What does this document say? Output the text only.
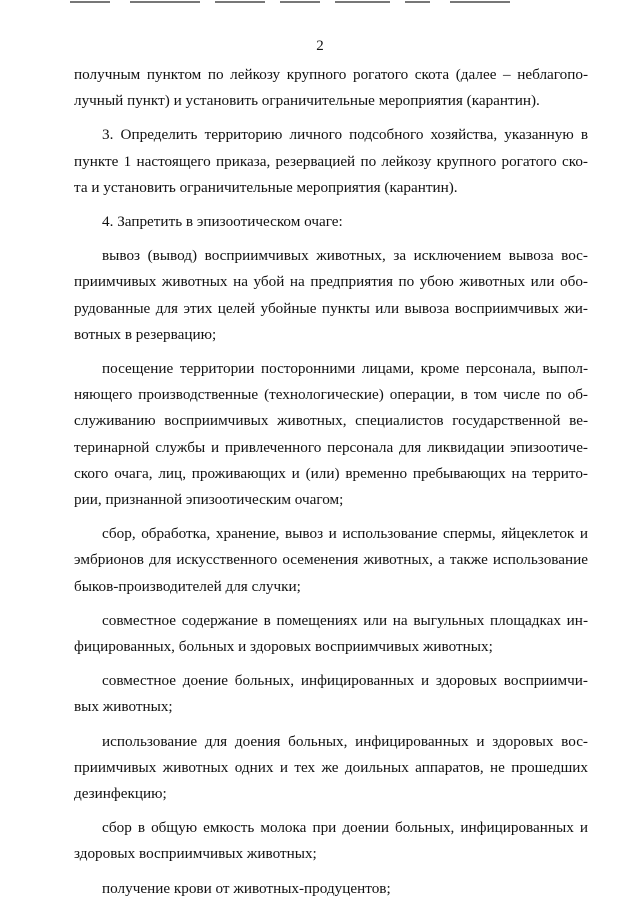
2

получным пунктом по лейкозу крупного рогатого скота (далее – неблагопо-лучный пункт) и установить ограничительные мероприятия (карантин).

3. Определить территорию личного подсобного хозяйства, указанную в пункте 1 настоящего приказа, резервацией по лейкозу крупного рогатого ско-та и установить ограничительные мероприятия (карантин).

4. Запретить в эпизоотическом очаге:

вывоз (вывод) восприимчивых животных, за исключением вывоза вос-приимчивых животных на убой на предприятия по убою животных или обо-рудованные для этих целей убойные пункты или вывоза восприимчивых жи-вотных в резервацию;

посещение территории посторонними лицами, кроме персонала, выпол-няющего производственные (технологические) операции, в том числе по об-служиванию восприимчивых животных, специалистов государственной ве-теринарной службы и привлеченного персонала для ликвидации эпизоотиче-ского очага, лиц, проживающих и (или) временно пребывающих на террито-рии, признанной эпизоотическим очагом;

сбор, обработка, хранение, вывоз и использование спермы, яйцеклеток и эмбрионов для искусственного осеменения животных, а также использование быков-производителей для случки;

совместное содержание в помещениях или на выгульных площадках ин-фицированных, больных и здоровых восприимчивых животных;

совместное доение больных, инфицированных и здоровых восприимчи-вых животных;

использование для доения больных, инфицированных и здоровых вос-приимчивых животных одних и тех же доильных аппаратов, не прошедших дезинфекцию;

сбор в общую емкость молока при доении больных, инфицированных и здоровых восприимчивых животных;

получение крови от животных-продуцентов;
